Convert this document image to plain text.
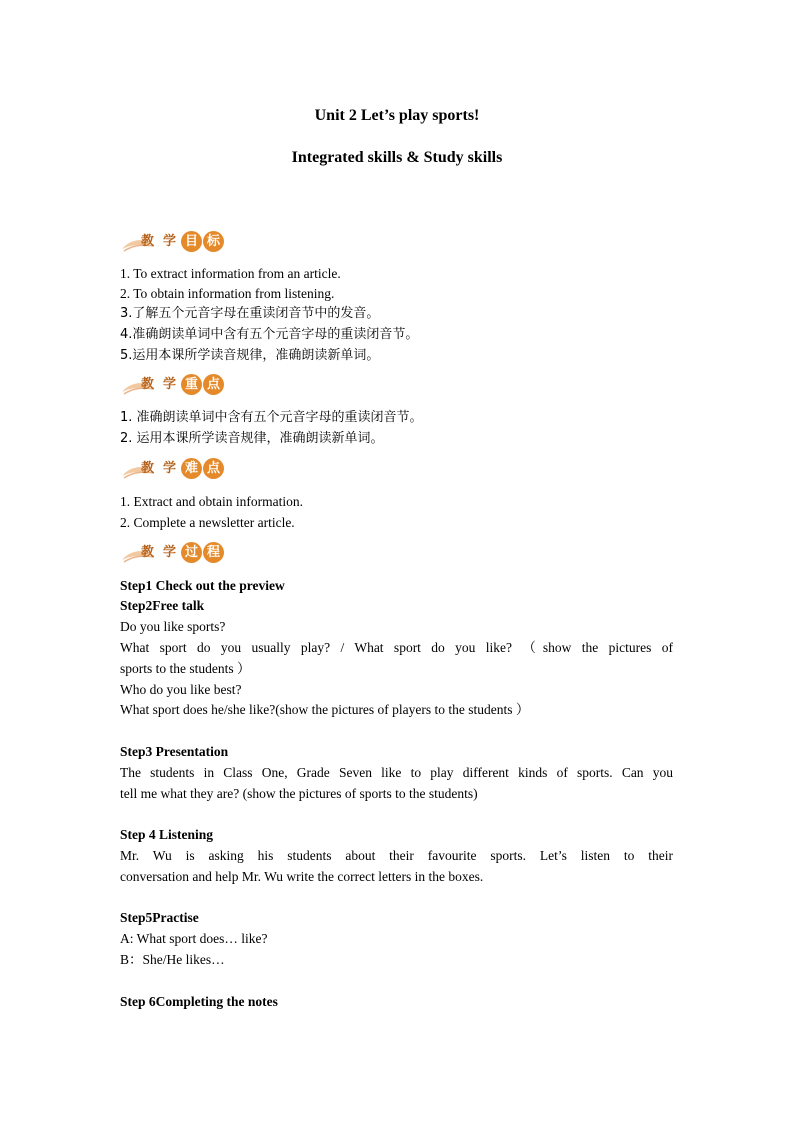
Unit 2 Let’s play sports!
Integrated skills & Study skills
教 学 目 标
1. To extract information from an article.
2. To obtain information from listening.
3.了解五个元音字母在重读闭音节中的发音。
4.准确朗读单词中含有五个元音字母的重读闭音节。
5.运用本课所学读音规律，准确朗读新单词。
教 学 重 点
1. 准确朗读单词中含有五个元音字母的重读闭音节。
2. 运用本课所学读音规律，准确朗读新单词。
教 学 难 点
1. Extract and obtain information.
2. Complete a newsletter article.
教 学 过 程
Step1 Check out the preview
Step2Free talk
Do you like sports?
What sport do you usually play? / What sport do you like? （show the pictures of
sports to the students ）
Who do you like best?
What sport does he/she like?(show the pictures of players to the students ）
Step3 Presentation
The students in Class One, Grade Seven like to play different kinds of sports. Can you
tell me what they are? (show the pictures of sports to the students)
Step 4 Listening
Mr. Wu is asking his students about their favourite sports. Let’s listen to their
conversation and help Mr. Wu write the correct letters in the boxes.
Step5Practise
A: What sport does… like?
B：She/He likes…
Step 6Completing the notes
